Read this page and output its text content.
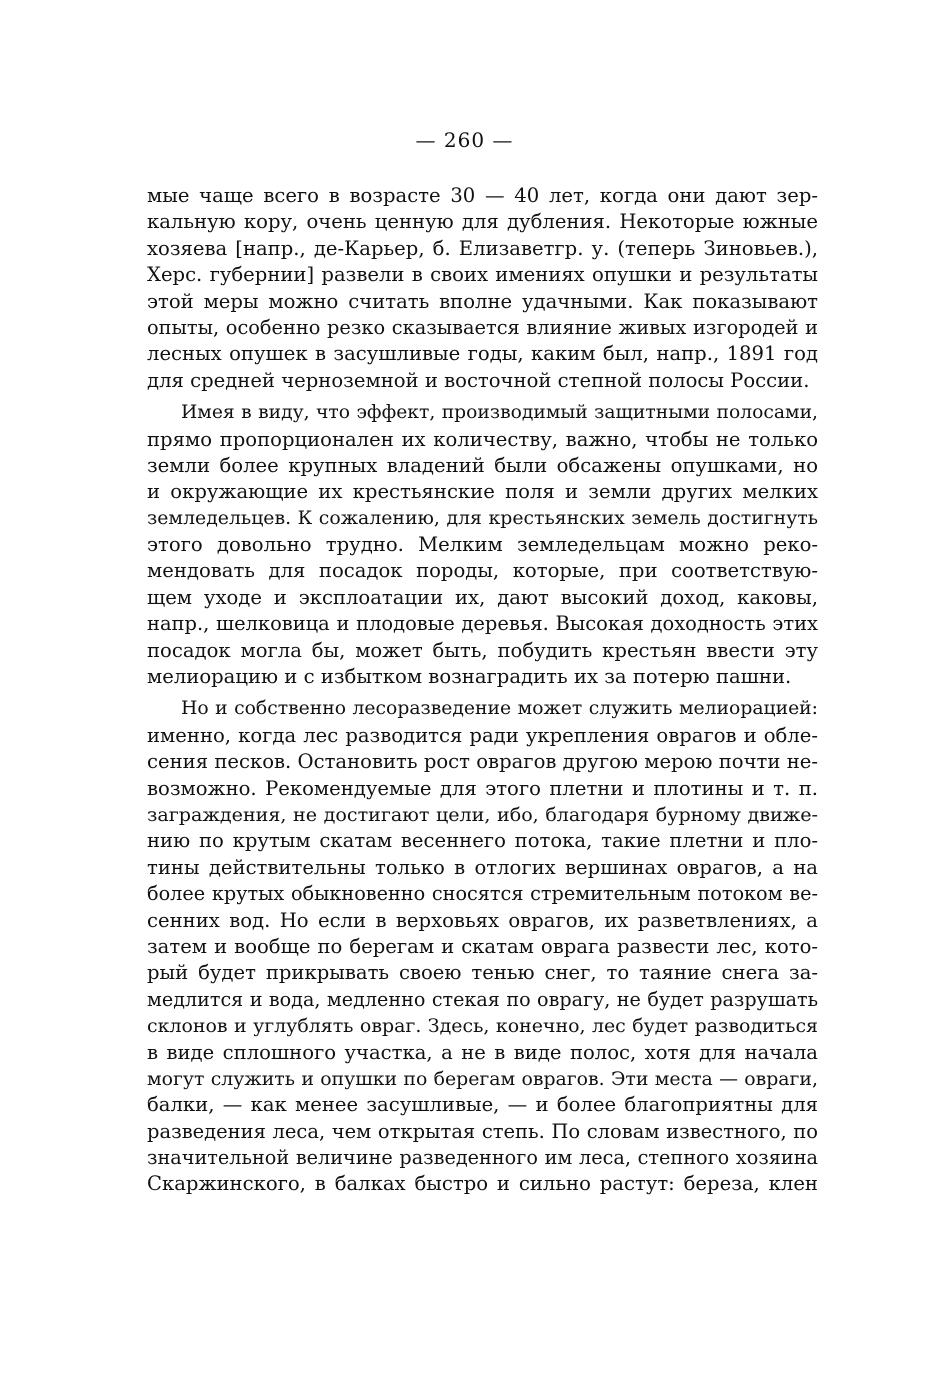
— 260 —
мые чаще всего в возрасте 30 — 40 лет, когда они дают зер-
кальную кору, очень ценную для дубления. Некоторые южные
хозяева [напр., де-Карьер, б. Елизаветгр. у. (теперь Зиновьев.),
Херс. губернии] развели в своих имениях опушки и результаты
этой меры можно считать вполне удачными. Как показывают
опыты, особенно резко сказывается влияние живых изгородей и
лесных опушек в засушливые годы, каким был, напр., 1891 год
для средней черноземной и восточной степной полосы России.
Имея в виду, что эффект, производимый защитными полосами,
прямо пропорционален их количеству, важно, чтобы не только
земли более крупных владений были обсажены опушками, но
и окружающие их крестьянские поля и земли других мелких
земледельцев. К сожалению, для крестьянских земель достигнуть
этого довольно трудно. Мелким земледельцам можно реко-
мендовать для посадок породы, которые, при соответствую-
щем уходе и эксплоатации их, дают высокий доход, каковы,
напр., шелковица и плодовые деревья. Высокая доходность этих
посадок могла бы, может быть, побудить крестьян ввести эту
мелиорацию и с избытком вознаградить их за потерю пашни.
Но и собственно лесоразведение может служить мелиорацией:
именно, когда лес разводится ради укрепления оврагов и обле-
сения песков. Остановить рост оврагов другою мерою почти не-
возможно. Рекомендуемые для этого плетни и плотины и т. п.
заграждения, не достигают цели, ибо, благодаря бурному движе-
нию по крутым скатам весеннего потока, такие плетни и пло-
тины действительны только в отлогих вершинах оврагов, а на
более крутых обыкновенно сносятся стремительным потоком ве-
сенних вод. Но если в верховьях оврагов, их разветвлениях, а
затем и вообще по берегам и скатам оврага развести лес, кото-
рый будет прикрывать своею тенью снег, то таяние снега за-
медлится и вода, медленно стекая по оврагу, не будет разрушать
склонов и углублять овраг. Здесь, конечно, лес будет разводиться
в виде сплошного участка, а не в виде полос, хотя для начала
могут служить и опушки по берегам оврагов. Эти места — овраги,
балки, — как менее засушливые, — и более благоприятны для
разведения леса, чем открытая степь. По словам известного, по
значительной величине разведенного им леса, степного хозяина
Скаржинского, в балках быстро и сильно растут: береза, клен
